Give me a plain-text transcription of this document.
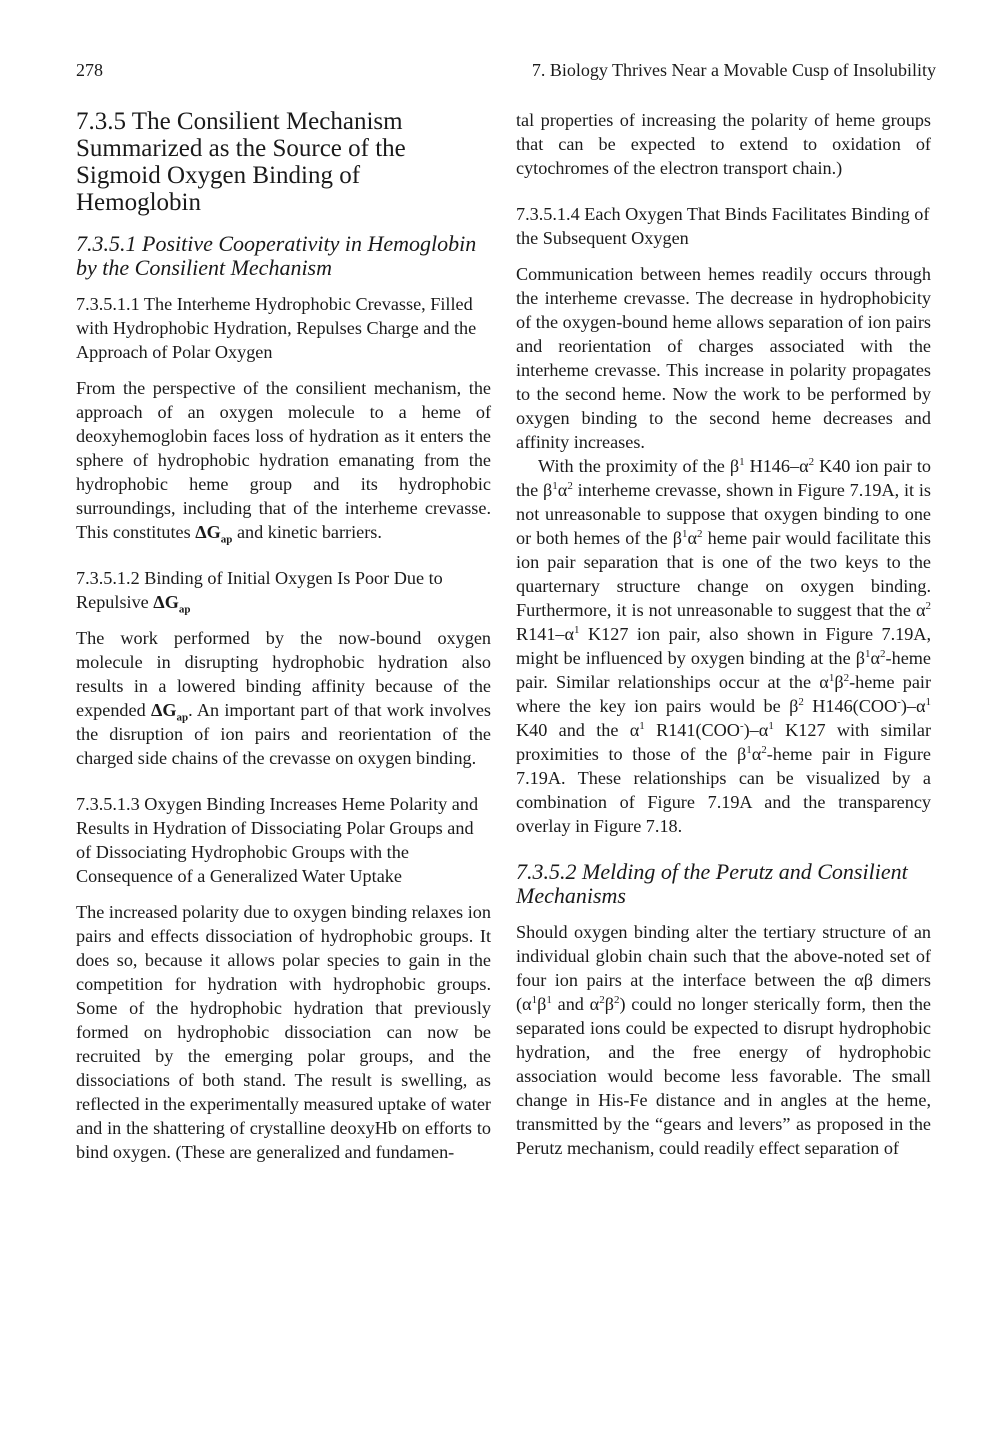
278	7. Biology Thrives Near a Movable Cusp of Insolubility
7.3.5 The Consilient Mechanism Summarized as the Source of the Sigmoid Oxygen Binding of Hemoglobin
7.3.5.1 Positive Cooperativity in Hemoglobin by the Consilient Mechanism
7.3.5.1.1 The Interheme Hydrophobic Crevasse, Filled with Hydrophobic Hydration, Repulses Charge and the Approach of Polar Oxygen

From the perspective of the consilient mechanism, the approach of an oxygen molecule to a heme of deoxyhemoglobin faces loss of hydration as it enters the sphere of hydrophobic hydration emanating from the hydrophobic heme group and its hydrophobic surroundings, including that of the interheme crevasse. This constitutes $\Delta G_{ap}$ and kinetic barriers.

7.3.5.1.2 Binding of Initial Oxygen Is Poor Due to Repulsive $\Delta G_{ap}$

The work performed by the now-bound oxygen molecule in disrupting hydrophobic hydration also results in a lowered binding affinity because of the expended $\Delta G_{ap}$. An important part of that work involves the disruption of ion pairs and reorientation of the charged side chains of the crevasse on oxygen binding.

7.3.5.1.3 Oxygen Binding Increases Heme Polarity and Results in Hydration of Dissociating Polar Groups and of Dissociating Hydrophobic Groups with the Consequence of a Generalized Water Uptake

The increased polarity due to oxygen binding relaxes ion pairs and effects dissociation of hydrophobic groups. It does so, because it allows polar species to gain in the competition for hydration with hydrophobic groups. Some of the hydrophobic hydration that previously formed on hydrophobic dissociation can now be recruited by the emerging polar groups, and the dissociations of both stand. The result is swelling, as reflected in the experimentally measured uptake of water and in the shattering of crystalline deoxyHb on efforts to bind oxygen. (These are generalized and fundamen-

tal properties of increasing the polarity of heme groups that can be expected to extend to oxidation of cytochromes of the electron transport chain.)

7.3.5.1.4 Each Oxygen That Binds Facilitates Binding of the Subsequent Oxygen

Communication between hemes readily occurs through the interheme crevasse. The decrease in hydrophobicity of the oxygen-bound heme allows separation of ion pairs and reorientation of charges associated with the interheme crevasse. This increase in polarity propagates to the second heme. Now the work to be performed by oxygen binding to the second heme decreases and affinity increases.

With the proximity of the $\beta^1$ $H146-\alpha^2$ K40 ion pair to the $\beta^1\alpha^2$ interheme crevasse, shown in Figure 7.19A, it is not unreasonable to suppose that oxygen binding to one or both hemes of the $\beta^1\alpha^2$ heme pair would facilitate this ion pair separation that is one of the two keys to the quarternary structure change on oxygen binding. Furthermore, it is not unreasonable to suggest that the $\alpha^2$ $R141-\alpha^1$ K127 ion pair, also shown in Figure 7.19A, might be influenced by oxygen binding at the $\beta^1\alpha^2$-heme pair. Similar relationships occur at the $\alpha^1\beta^2$-heme pair where the key ion pairs would be $\beta^2$ $H146(COO^-)-\alpha^1$ K40 and the $\alpha^1$ $R141(COO^-)-\alpha^1$ K127 with similar proximities to those of the $\beta^1\alpha^2$-heme pair in Figure 7.19A. These relationships can be visualized by a combination of Figure 7.19A and the transparency overlay in Figure 7.18.

7.3.5.2 Melding of the Perutz and Consilient Mechanisms

Should oxygen binding alter the tertiary structure of an individual globin chain such that the above-noted set of four ion pairs at the interface between the αβ dimers ($\alpha^1\beta^1$ and $\alpha^2\beta^2$) could no longer sterically form, then the separated ions could be expected to disrupt hydrophobic hydration, and the free energy of hydrophobic association would become less favorable. The small change in His-Fe distance and in angles at the heme, transmitted by the “gears and levers” as proposed in the Perutz mechanism, could readily effect separation of
